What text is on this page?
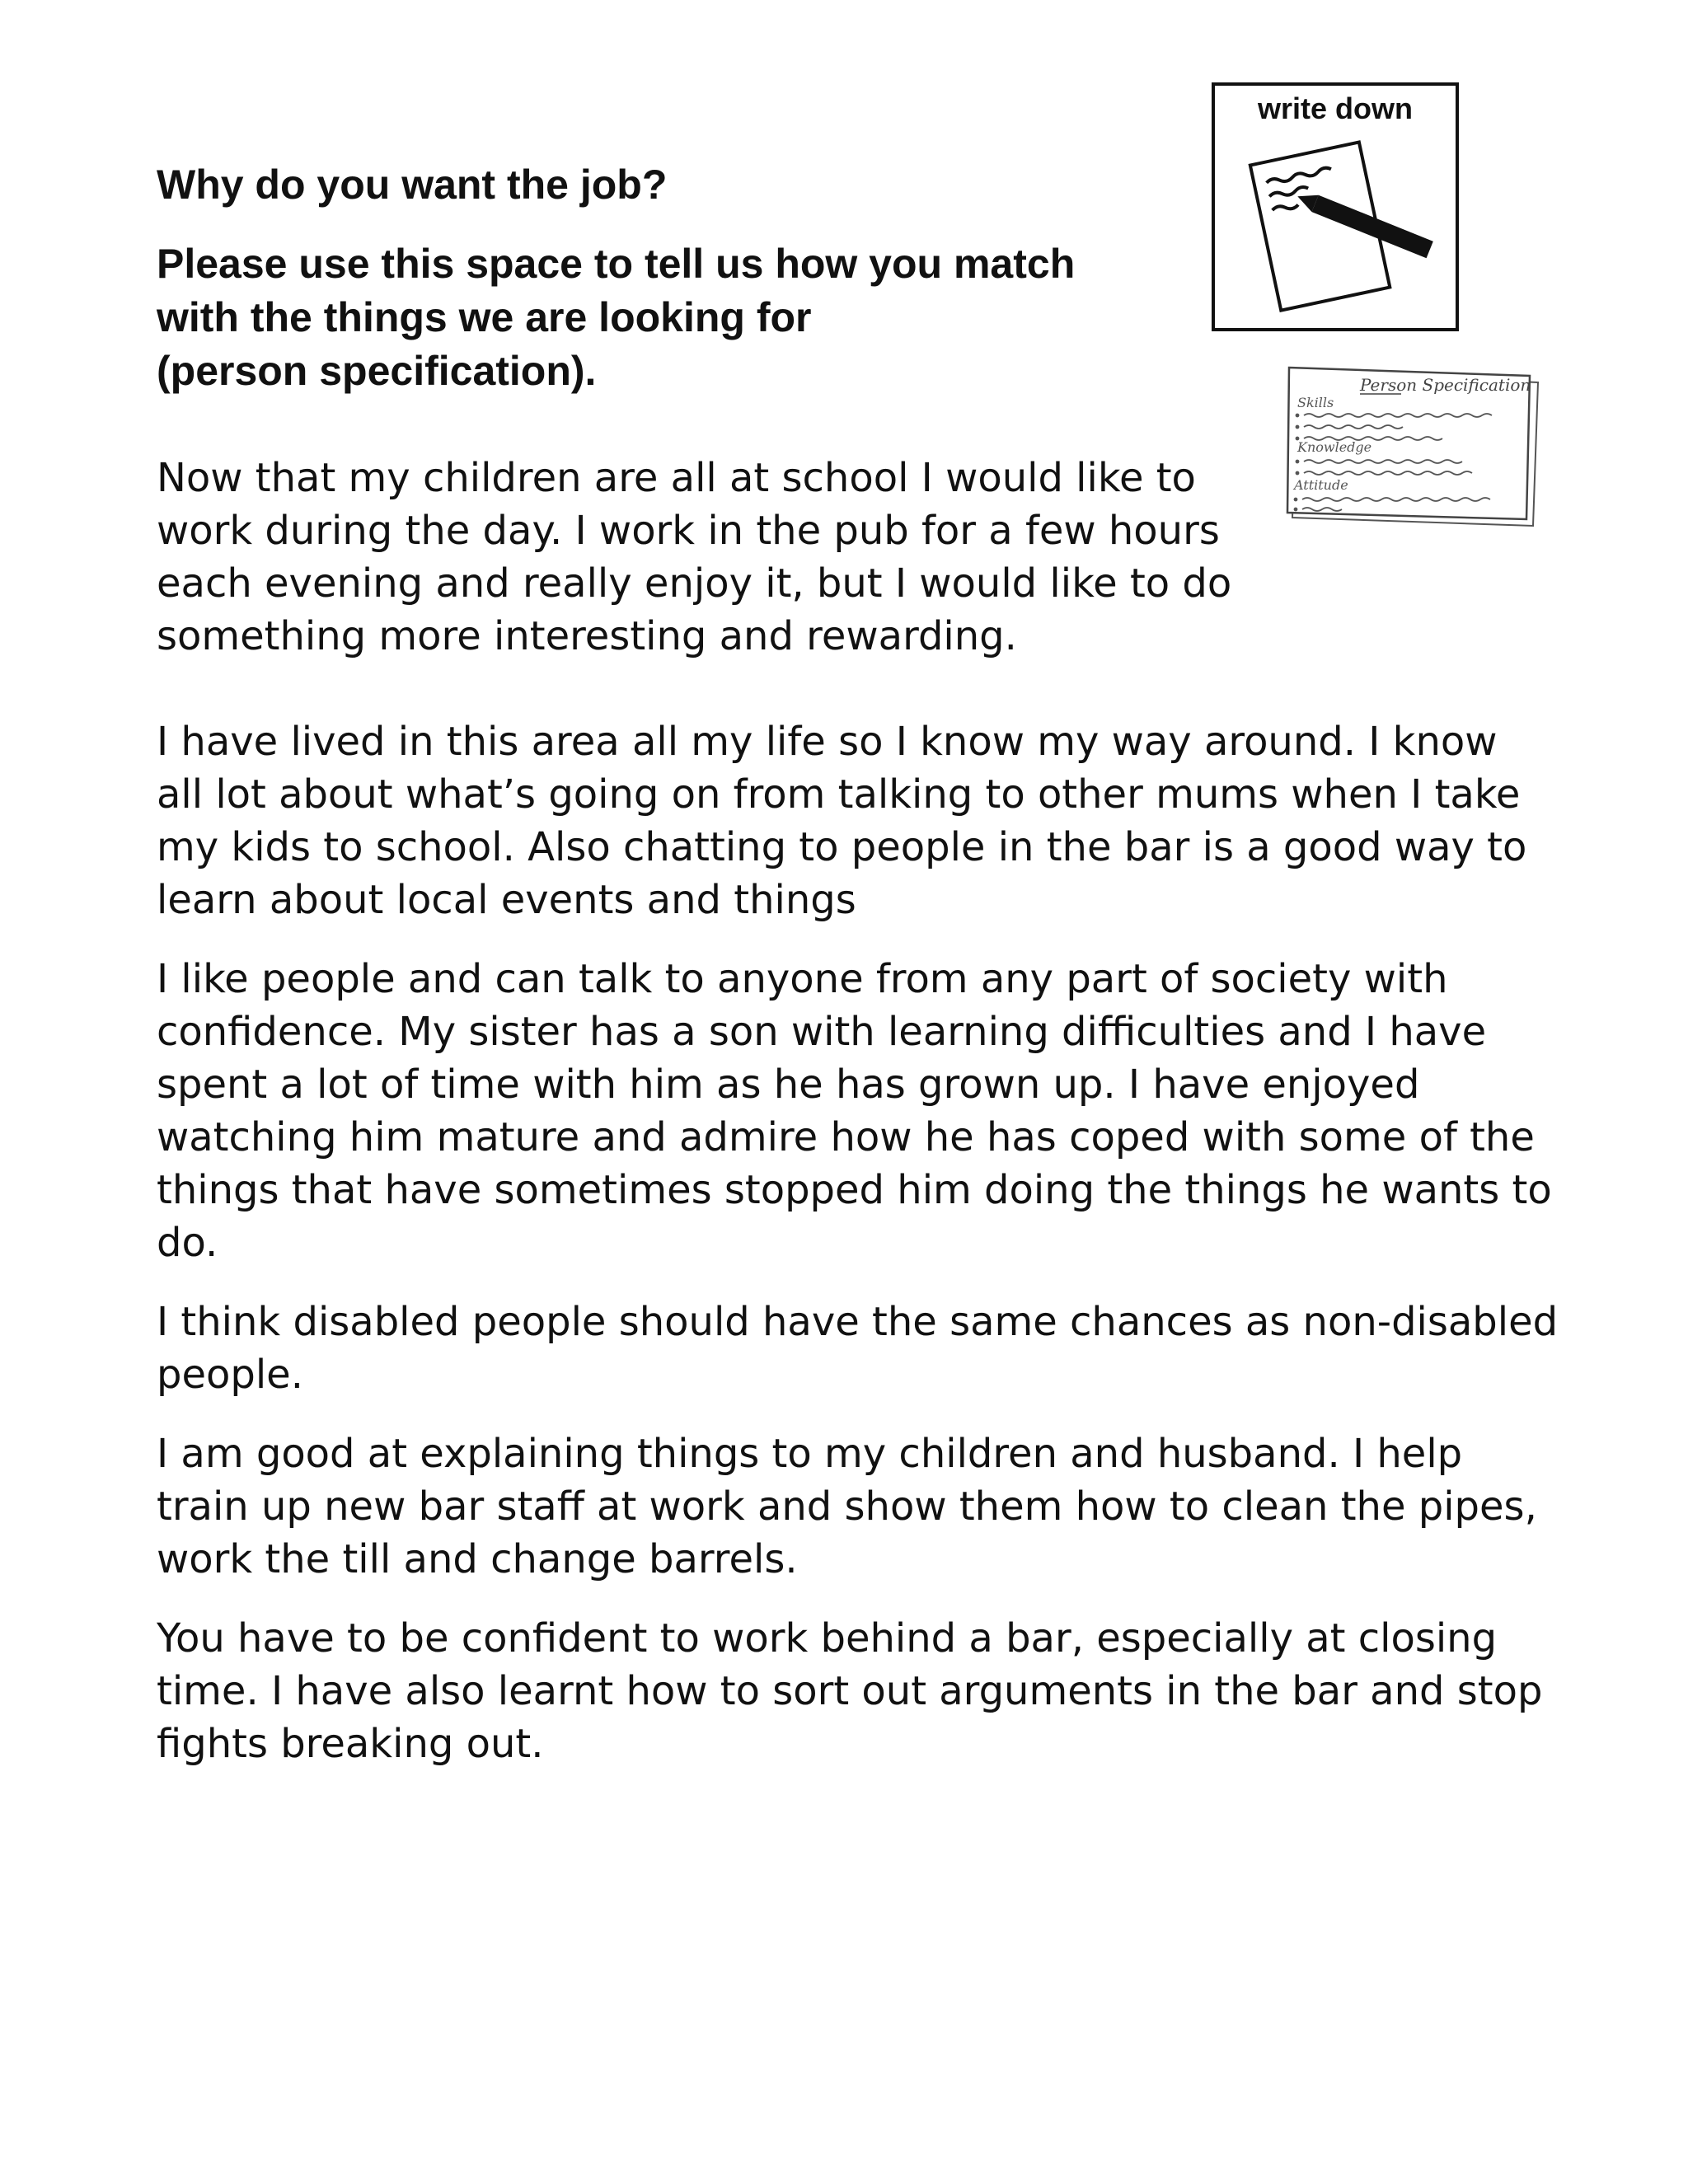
Why do you want the job?
Please use this space to tell us how you match
with the things we are looking for
(person specification).
write down
Person Specification
Skills
Knowledge
Attitude

Now that my children are all at school I would like to
work during the day. I work in the pub for a few hours
each evening and really enjoy it, but I would like to do
something more interesting and rewarding.

I have lived in this area all my life so I know my way around. I know
all lot about what’s going on from talking to other mums when I take
my kids to school. Also chatting to people in the bar is a good way to
learn about local events and things

I like people and can talk to anyone from any part of society with
confidence. My sister has a son with learning difficulties and I have
spent a lot of time with him as he has grown up. I have enjoyed
watching him mature and admire how he has coped with some of the
things that have sometimes stopped him doing the things he wants to
do.

I think disabled people should have the same chances as non-disabled
people.

I am good at explaining things to my children and husband. I help
train up new bar staff at work and show them how to clean the pipes,
work the till and change barrels.

You have to be confident to work behind a bar, especially at closing
time. I have also learnt how to sort out arguments in the bar and stop
fights breaking out.
